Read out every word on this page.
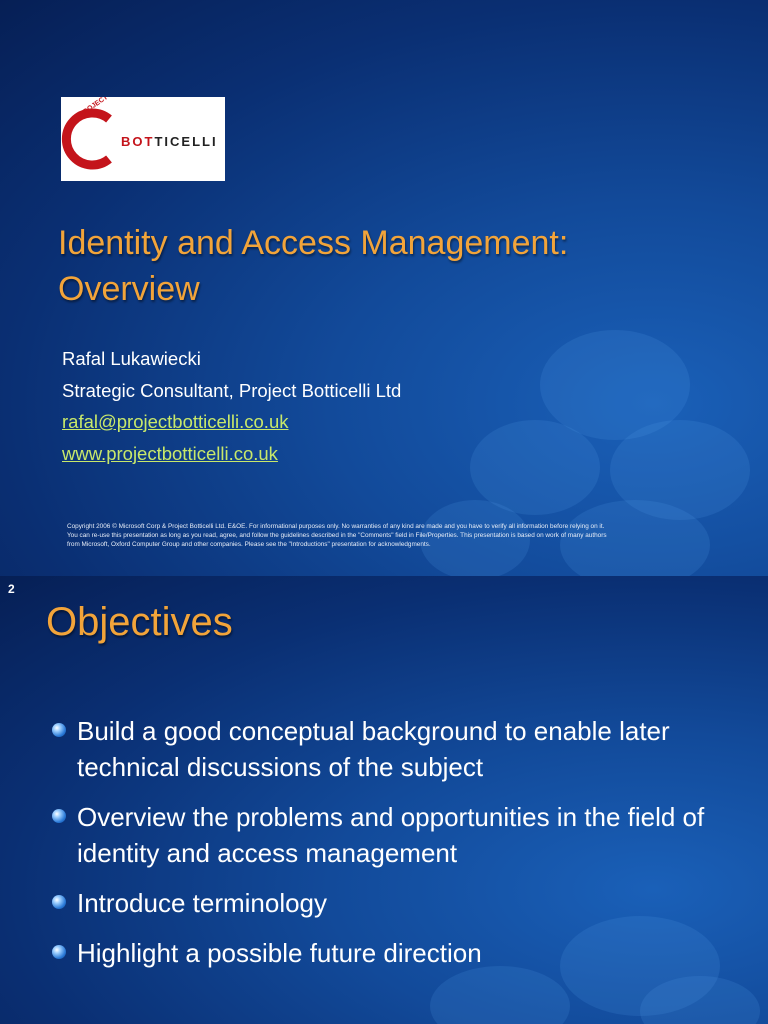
PROJECT
BOTTICELLI
Identity and Access Management:
Overview
Rafal Lukawiecki
Strategic Consultant, Project Botticelli Ltd
rafal@projectbotticelli.co.uk
www.projectbotticelli.co.uk
Copyright 2006 © Microsoft Corp & Project Botticelli Ltd. E&OE. For informational purposes only. No warranties of any kind are made and you have to verify all information before relying on it. You can re-use this presentation as long as you read, agree, and follow the guidelines described in the "Comments" field in File/Properties. This presentation is based on work of many authors from Microsoft, Oxford Computer Group and other companies. Please see the "Introductions" presentation for acknowledgments.
2
Objectives
Build a good conceptual background to enable later technical discussions of the subject
Overview the problems and opportunities in the field of identity and access management
Introduce terminology
Highlight a possible future direction
